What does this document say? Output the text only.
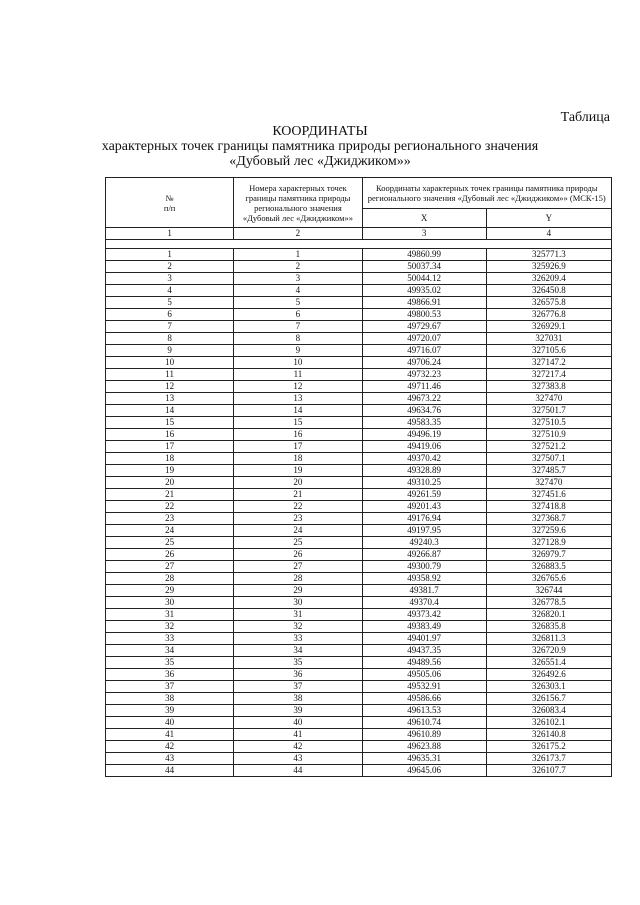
Таблица
КООРДИНАТЫ
характерных точек границы памятника природы регионального значения
«Дубовый лес «Джиджиком»»
№
п/п	Номера характерных точек границы памятника природы регионального значения «Дубовый лес «Джиджиком»»	Координаты характерных точек границы памятника природы регионального значения «Дубовый лес «Джиджиком»» (МСК-15)	
		X	Y
1	2	3	4

1	1	49860.99	325771.3
2	2	50037.34	325926.9
3	3	50044.12	326209.4
4	4	49935.02	326450.8
5	5	49866.91	326575.8
6	6	49800.53	326776.8
7	7	49729.67	326929.1
8	8	49720.07	327031
9	9	49716.07	327105.6
10	10	49706.24	327147.2
11	11	49732.23	327217.4
12	12	49711.46	327383.8
13	13	49673.22	327470
14	14	49634.76	327501.7
15	15	49583.35	327510.5
16	16	49496.19	327510.9
17	17	49419.06	327521.2
18	18	49370.42	327507.1
19	19	49328.89	327485.7
20	20	49310.25	327470
21	21	49261.59	327451.6
22	22	49201.43	327418.8
23	23	49176.94	327368.7
24	24	49197.95	327259.6
25	25	49240.3	327128.9
26	26	49266.87	326979.7
27	27	49300.79	326883.5
28	28	49358.92	326765.6
29	29	49381.7	326744
30	30	49370.4	326778.5
31	31	49373.42	326820.1
32	32	49383.49	326835.8
33	33	49401.97	326811.3
34	34	49437.35	326720.9
35	35	49489.56	326551.4
36	36	49505.06	326492.6
37	37	49532.91	326303.1
38	38	49586.66	326156.7
39	39	49613.53	326083.4
40	40	49610.74	326102.1
41	41	49610.89	326140.8
42	42	49623.88	326175.2
43	43	49635.31	326173.7
44	44	49645.06	326107.7
